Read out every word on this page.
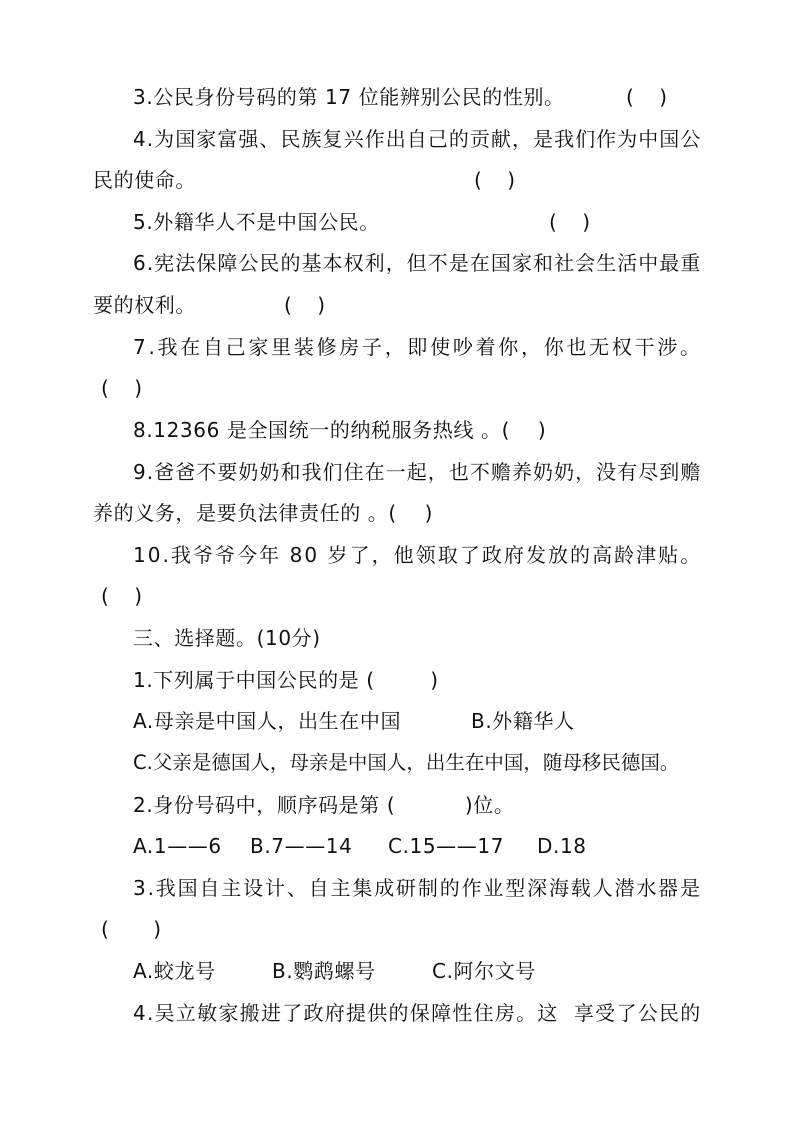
3.公民身份号码的第 17 位能辨别公民的性别。	(    )
4 . 为 国 家 富 强 、 民 族 复 兴 作 出 自 己 的 贡 献 ， 是 我 们 作 为 中 国 公
民的使命。	(    )
5.外籍华人不是中国公民。	(    )
6 . 宪 法 保 障 公 民 的 基 本 权 利 ， 但 不 是 在 国 家 和 社 会 生 活 中 最 重
要的权利。	(    )
7 . 我 在 自 己 家 里 装 修 房 子 ， 即 使 吵 着 你 ， 你 也 无 权 干 涉 。
(    )
8.12366 是全国统一的纳税服务热线 。(    )
9 . 爸 爸 不 要 奶 奶 和 我 们 住 在 一 起 ， 也 不 赡 养 奶 奶 ， 没 有 尽 到 赡
养的义务，是要负法律责任的 。(    )
1 0 . 我 爷 爷 今 年
8 0
岁 了 ， 他 领 取 了 政 府 发 放 的 高 龄 津 贴 。
(    )
三、选择题。(10分)
1.下列属于中国公民的是 (        )
A.母亲是中国人，出生在中国	B.外籍华人
C.父亲是德国人，母亲是中国人，出生在中国，随母移民德国。
2.身份号码中，顺序码是第 (          )位。
A.1——6 B.7——14 C.15——17 D.18
3 . 我 国 自 主 设 计 、 自 主 集 成 研 制 的 作 业 型 深 海 载 人 潜 水 器 是
(       )
A.蛟龙号	B.鹦鹉螺号	C.阿尔文号
4 . 吴 立 敏 家 搬 进 了 政 府 提 供 的 保 障 性 住 房 。 这

享 受 了 公 民 的
